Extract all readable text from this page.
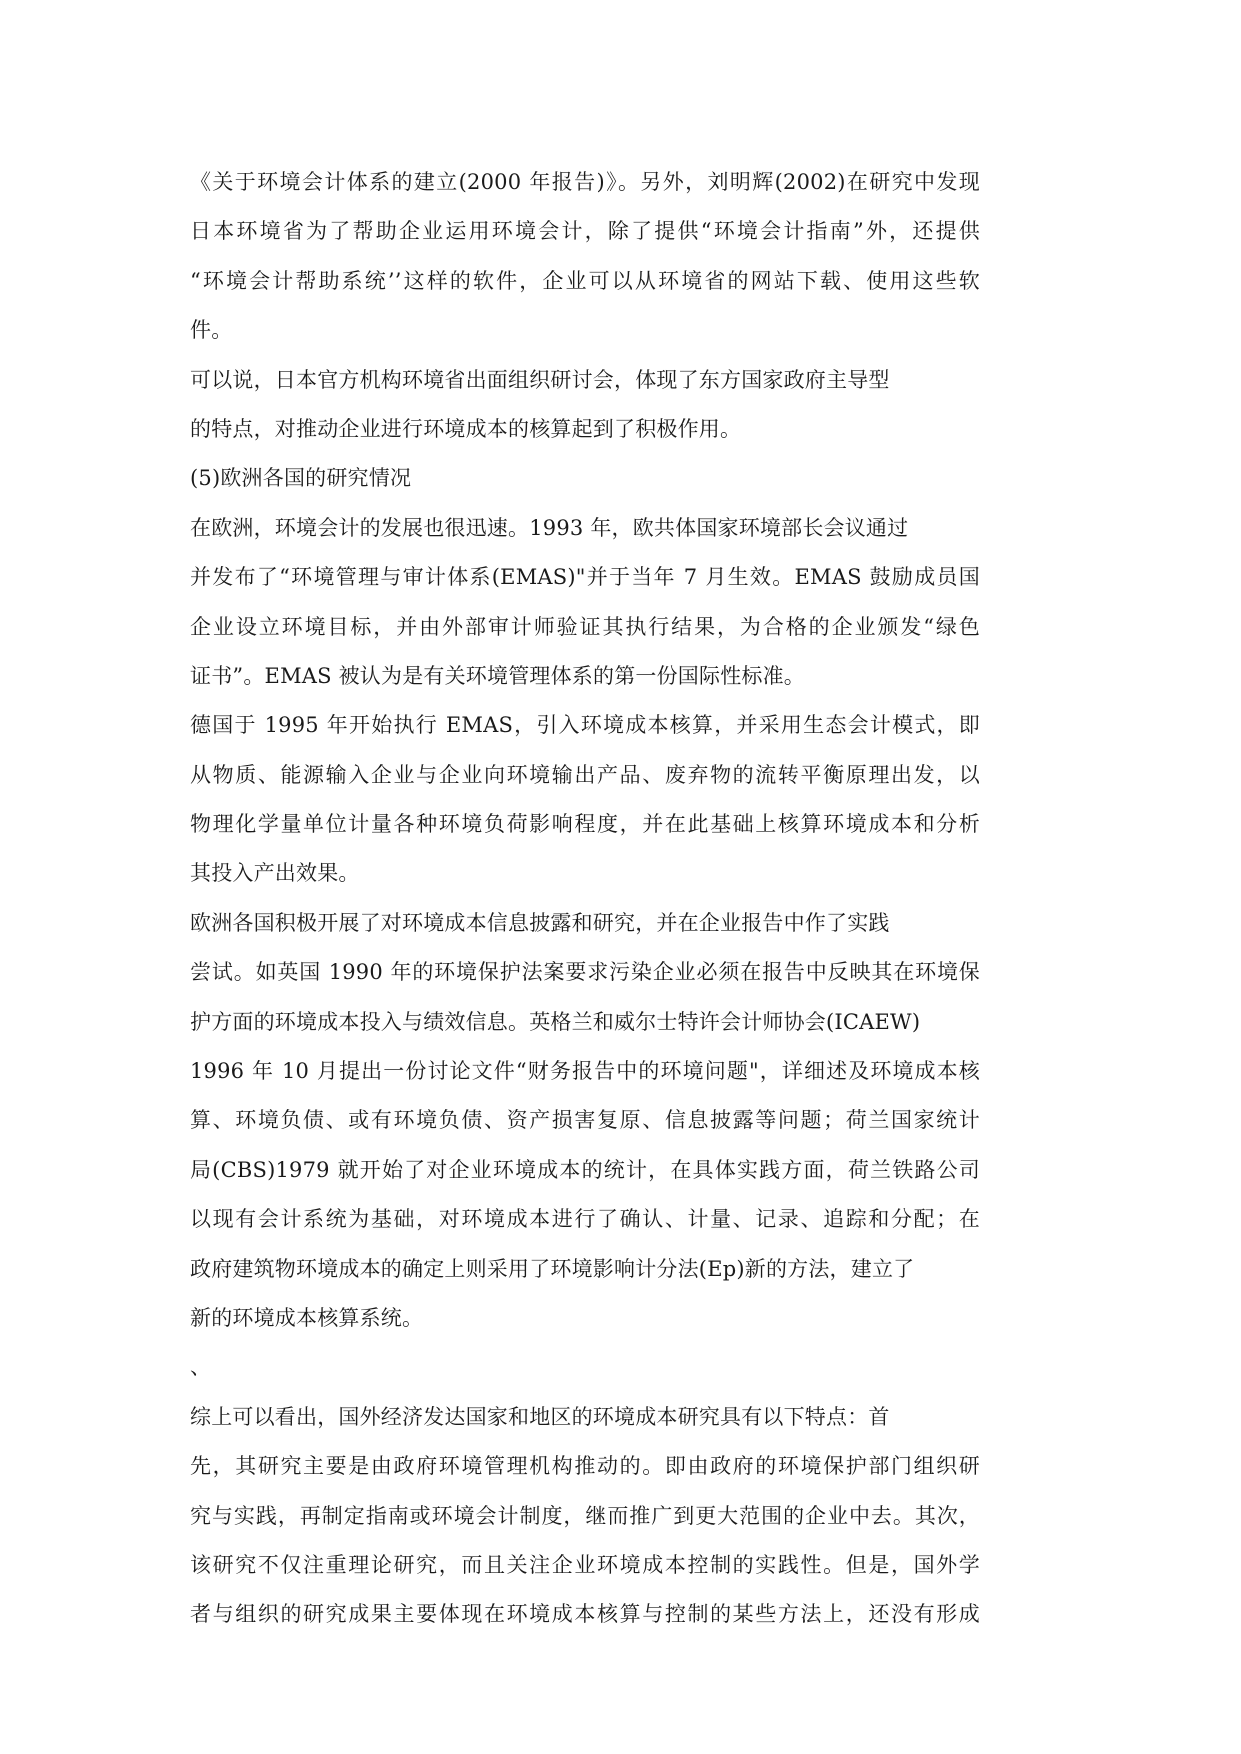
《关于环境会计体系的建立(2000 年报告)》。另外，刘明辉(2002)在研究中发现
日本环境省为了帮助企业运用环境会计，除了提供“环境会计指南”外，还提供
“环境会计帮助系统’’这样的软件，企业可以从环境省的网站下载、使用这些软
件。
可以说，日本官方机构环境省出面组织研讨会，体现了东方国家政府主导型
的特点，对推动企业进行环境成本的核算起到了积极作用。
(5)欧洲各国的研究情况
在欧洲，环境会计的发展也很迅速。1993 年，欧共体国家环境部长会议通过
并发布了“环境管理与审计体系(EMAS)"并于当年 7 月生效。EMAS 鼓励成员国
企业设立环境目标，并由外部审计师验证其执行结果，为合格的企业颁发“绿色
证书”。EMAS 被认为是有关环境管理体系的第一份国际性标准。
德国于 1995 年开始执行 EMAS，引入环境成本核算，并采用生态会计模式，即
从物质、能源输入企业与企业向环境输出产品、废弃物的流转平衡原理出发，以
物理化学量单位计量各种环境负荷影响程度，并在此基础上核算环境成本和分析
其投入产出效果。
欧洲各国积极开展了对环境成本信息披露和研究，并在企业报告中作了实践
尝试。如英国 1990 年的环境保护法案要求污染企业必须在报告中反映其在环境保
护方面的环境成本投入与绩效信息。英格兰和威尔士特许会计师协会(ICAEW)
1996 年 10 月提出一份讨论文件“财务报告中的环境问题"，详细述及环境成本核
算、环境负债、或有环境负债、资产损害复原、信息披露等问题；荷兰国家统计
局(CBS)1979 就开始了对企业环境成本的统计，在具体实践方面，荷兰铁路公司
以现有会计系统为基础，对环境成本进行了确认、计量、记录、追踪和分配；在
政府建筑物环境成本的确定上则采用了环境影响计分法(Ep)新的方法，建立了
新的环境成本核算系统。
、
综上可以看出，国外经济发达国家和地区的环境成本研究具有以下特点：首
先，其研究主要是由政府环境管理机构推动的。即由政府的环境保护部门组织研
究与实践，再制定指南或环境会计制度，继而推广到更大范围的企业中去。其次，
该研究不仅注重理论研究，而且关注企业环境成本控制的实践性。但是，国外学
者与组织的研究成果主要体现在环境成本核算与控制的某些方法上，还没有形成
